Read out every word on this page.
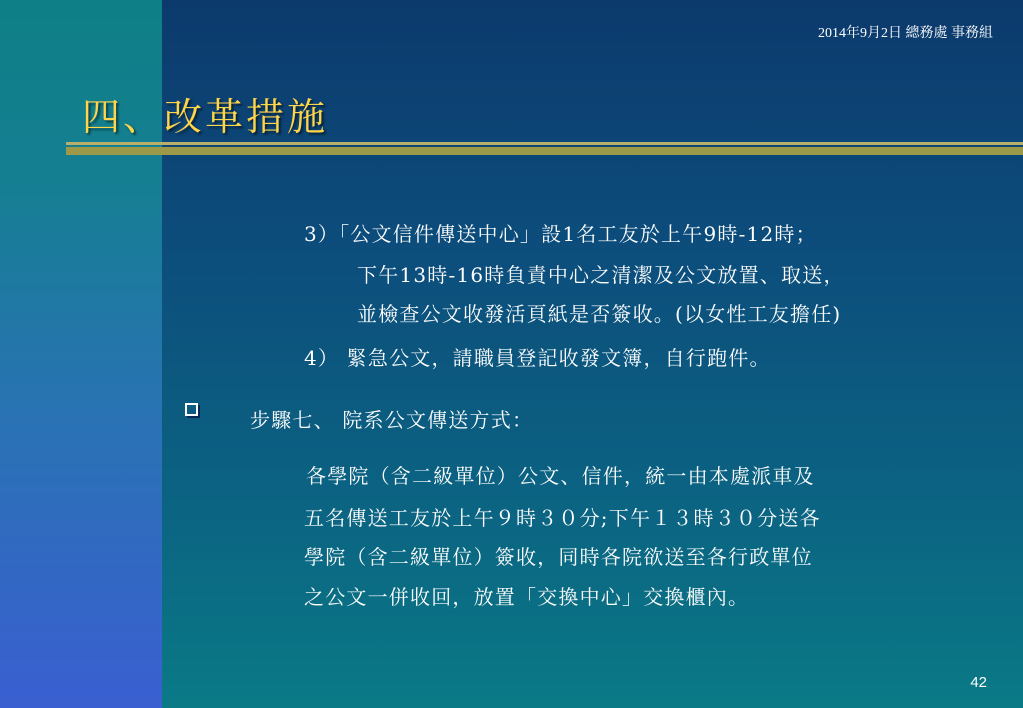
2014年9月2日 總務處 事務組
四、改革措施
3）「公文信件傳送中心」設1名工友於上午9時-12時；
下午13時-16時負責中心之清潔及公文放置、取送，
並檢查公文收發活頁紙是否簽收。(以女性工友擔任)
4） 緊急公文，請職員登記收發文簿，自行跑件。
步驟七、 院系公文傳送方式：
各學院（含二級單位）公文、信件，統一由本處派車及
五名傳送工友於上午９時３０分;下午１３時３０分送各
學院（含二級單位）簽收，同時各院欲送至各行政單位
之公文一併收回，放置「交換中心」交換櫃內。
42
